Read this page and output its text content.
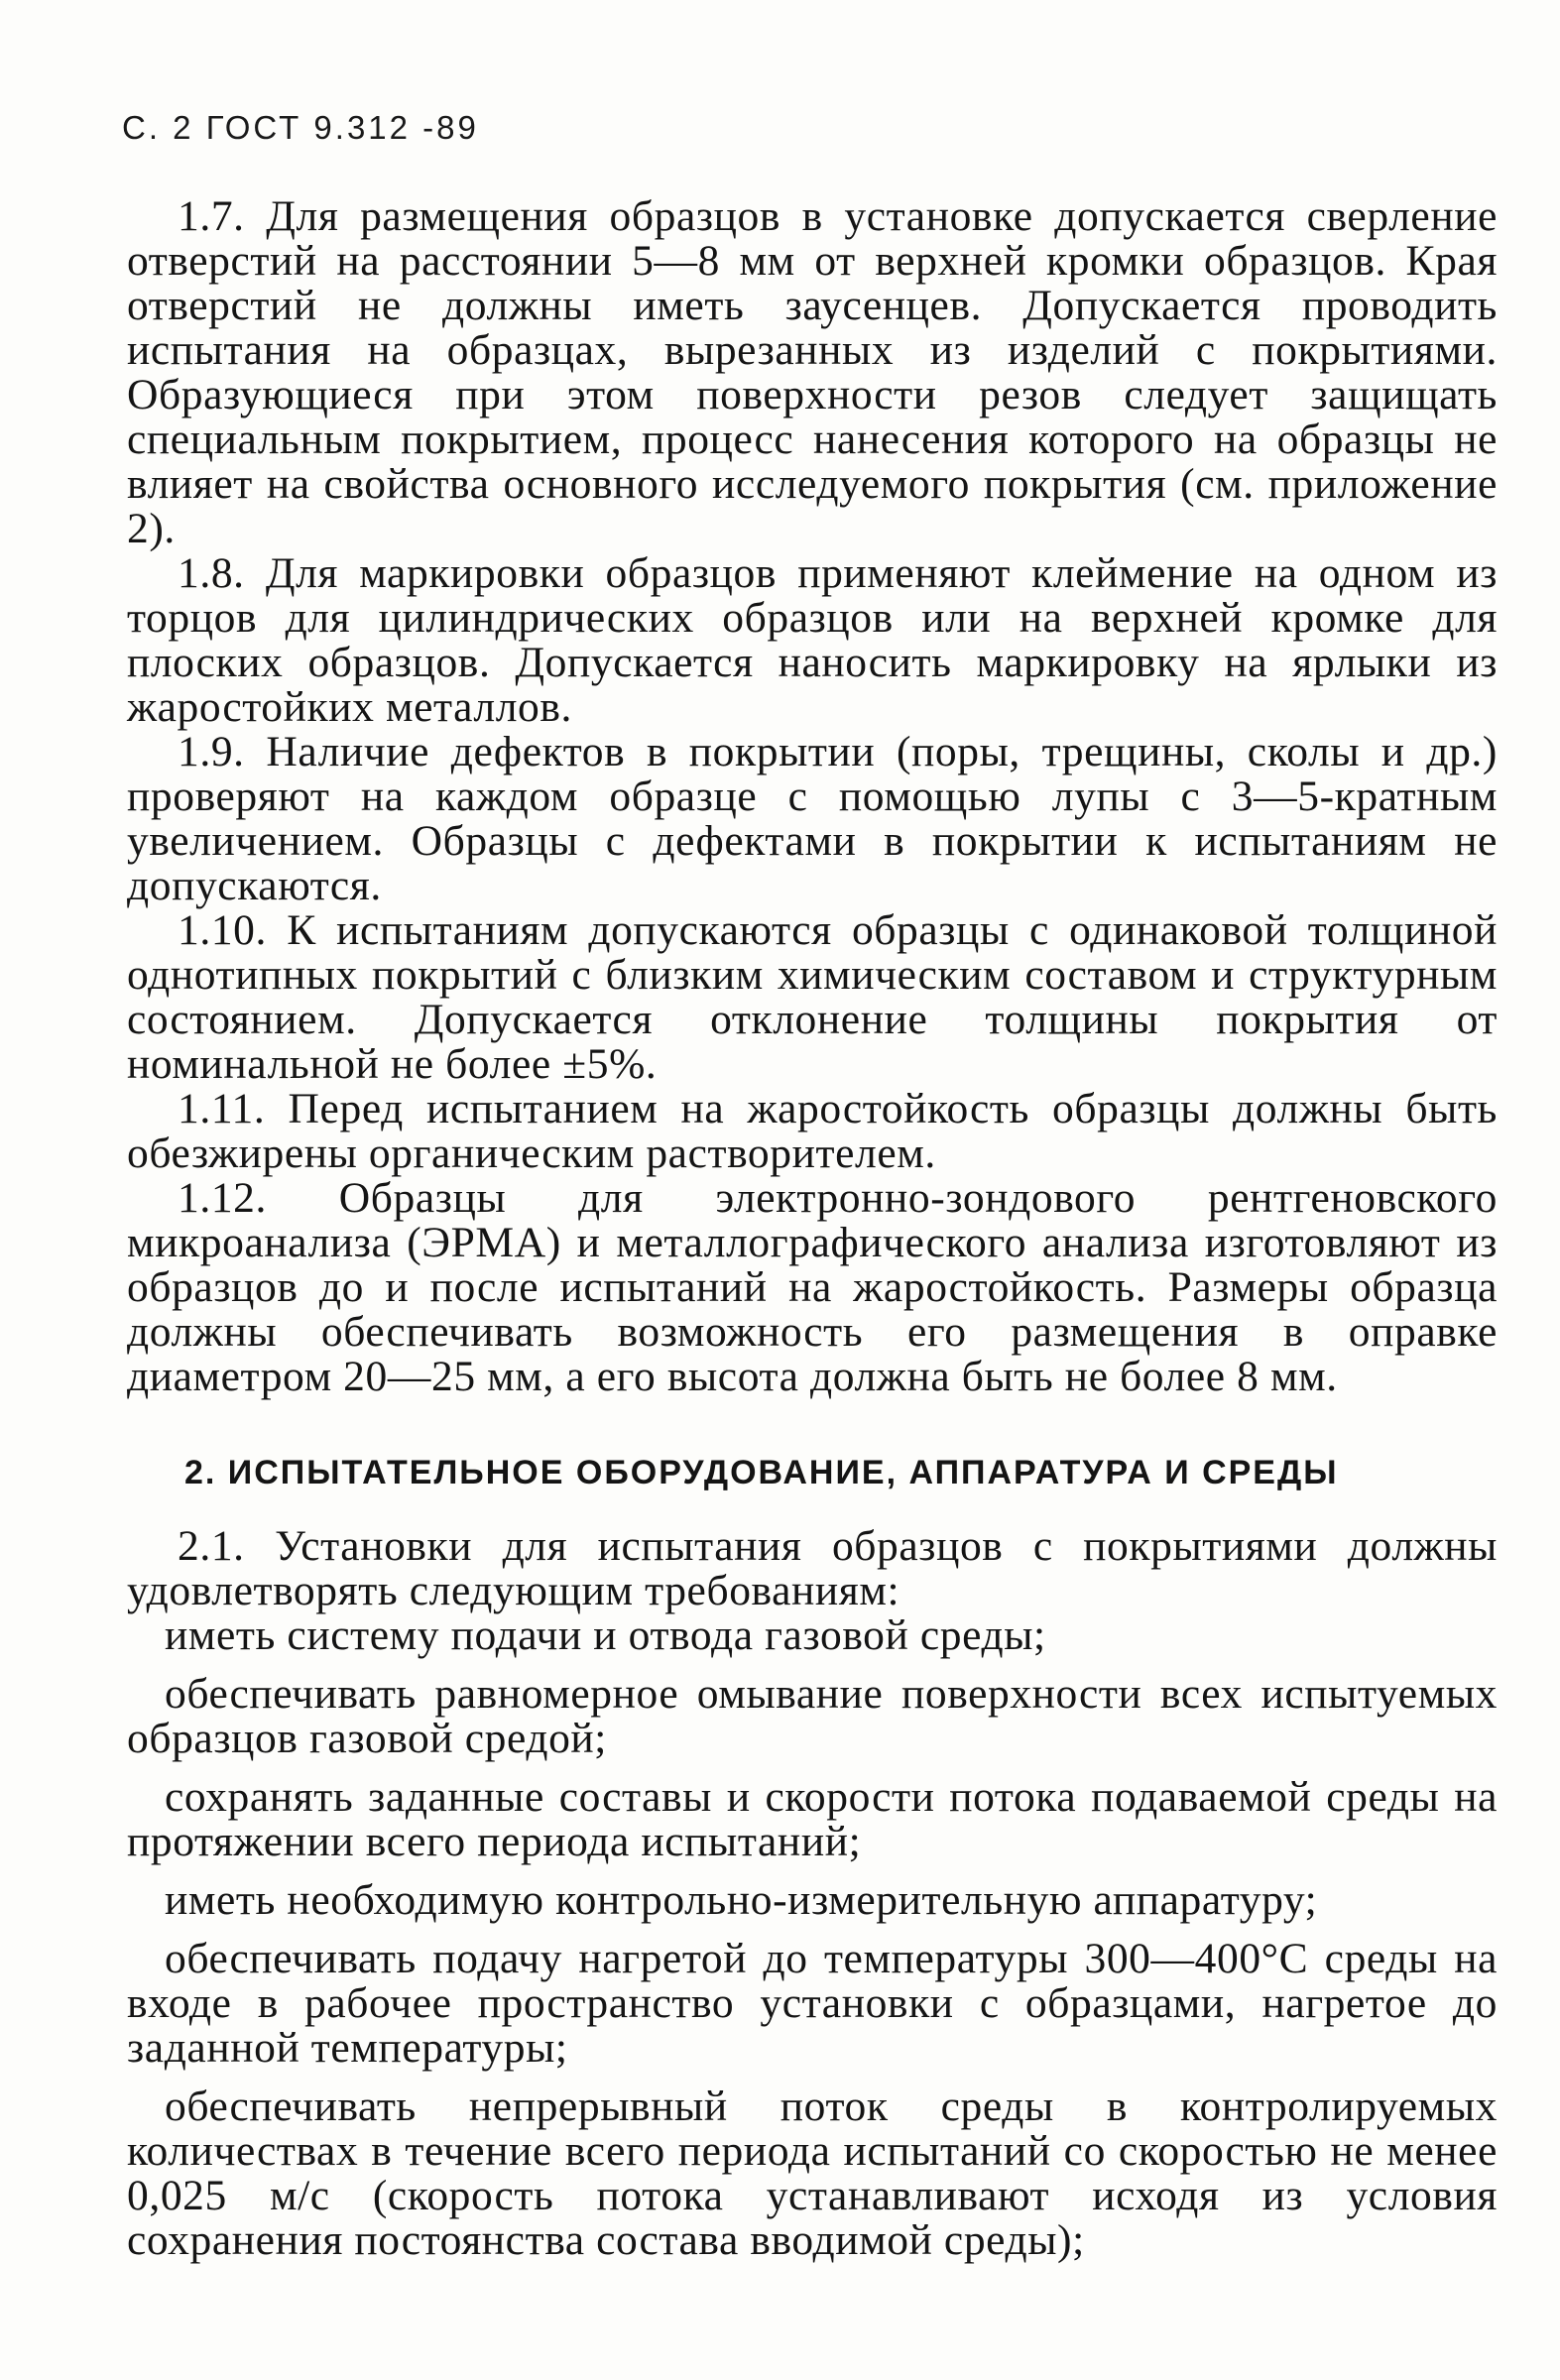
С. 2 ГОСТ 9.312 -89

1.7. Для размещения образцов в установке допускается сверление отверстий на расстоянии 5—8 мм от верхней кромки образцов. Края отверстий не должны иметь заусенцев. Допускается проводить испытания на образцах, вырезанных из изделий с покрытиями. Образующиеся при этом поверхности резов следует защищать специальным покрытием, процесс нанесения которого на образцы не влияет на свойства основного исследуемого покрытия (см. приложение 2).

1.8. Для маркировки образцов применяют клеймение на одном из торцов для цилиндрических образцов или на верхней кромке для плоских образцов. Допускается наносить маркировку на ярлыки из жаростойких металлов.

1.9. Наличие дефектов в покрытии (поры, трещины, сколы и др.) проверяют на каждом образце с помощью лупы с 3—5-кратным увеличением. Образцы с дефектами в покрытии к испытаниям не допускаются.

1.10. К испытаниям допускаются образцы с одинаковой толщиной однотипных покрытий с близким химическим составом и структурным состоянием. Допускается отклонение толщины покрытия от номинальной не более ±5%.

1.11. Перед испытанием на жаростойкость образцы должны быть обезжирены органическим растворителем.

1.12. Образцы для электронно-зондового рентгеновского микроанализа (ЭРМА) и металлографического анализа изготовляют из образцов до и после испытаний на жаростойкость. Размеры образца должны обеспечивать возможность его размещения в оправке диаметром 20—25 мм, а его высота должна быть не более 8 мм.

2. ИСПЫТАТЕЛЬНОЕ ОБОРУДОВАНИЕ, АППАРАТУРА И СРЕДЫ

2.1. Установки для испытания образцов с покрытиями должны удовлетворять следующим требованиям:

иметь систему подачи и отвода газовой среды;

обеспечивать равномерное омывание поверхности всех испытуемых образцов газовой средой;

сохранять заданные составы и скорости потока подаваемой среды на протяжении всего периода испытаний;

иметь необходимую контрольно-измерительную аппаратуру;

обеспечивать подачу нагретой до температуры 300—400°С среды на входе в рабочее пространство установки с образцами, нагретое до заданной температуры;

обеспечивать непрерывный поток среды в контролируемых количествах в течение всего периода испытаний со скоростью не менее 0,025 м/с (скорость потока устанавливают исходя из условия сохранения постоянства состава вводимой среды);
